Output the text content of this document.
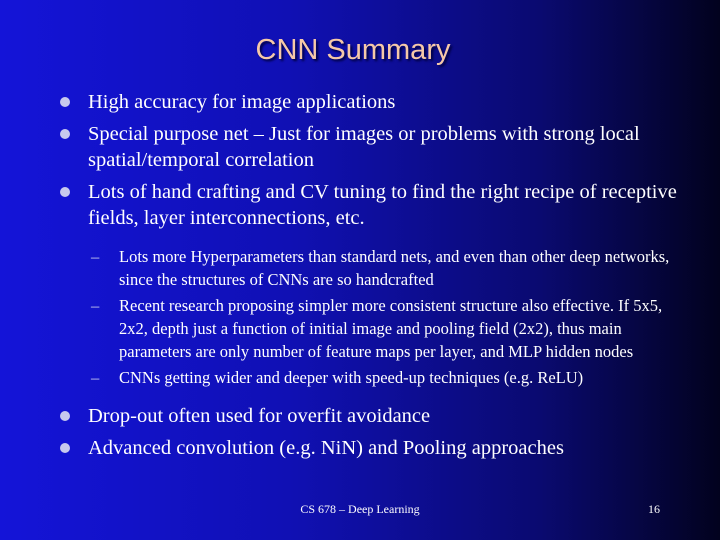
CNN Summary
High accuracy for image applications
Special purpose net – Just for images or problems with strong local spatial/temporal correlation
Lots of hand crafting and CV tuning to find the right recipe of receptive fields, layer interconnections, etc.
– Lots more Hyperparameters than standard nets, and even than other deep networks, since the structures of CNNs are so handcrafted
– Recent research proposing simpler more consistent structure also effective. If 5x5, 2x2, depth just a function of initial image and pooling field (2x2), thus main parameters are only number of feature maps per layer, and MLP hidden nodes
– CNNs getting wider and deeper with speed-up techniques (e.g. ReLU)
Drop-out often used for overfit avoidance
Advanced convolution (e.g. NiN) and Pooling approaches
CS 678 – Deep Learning	16
